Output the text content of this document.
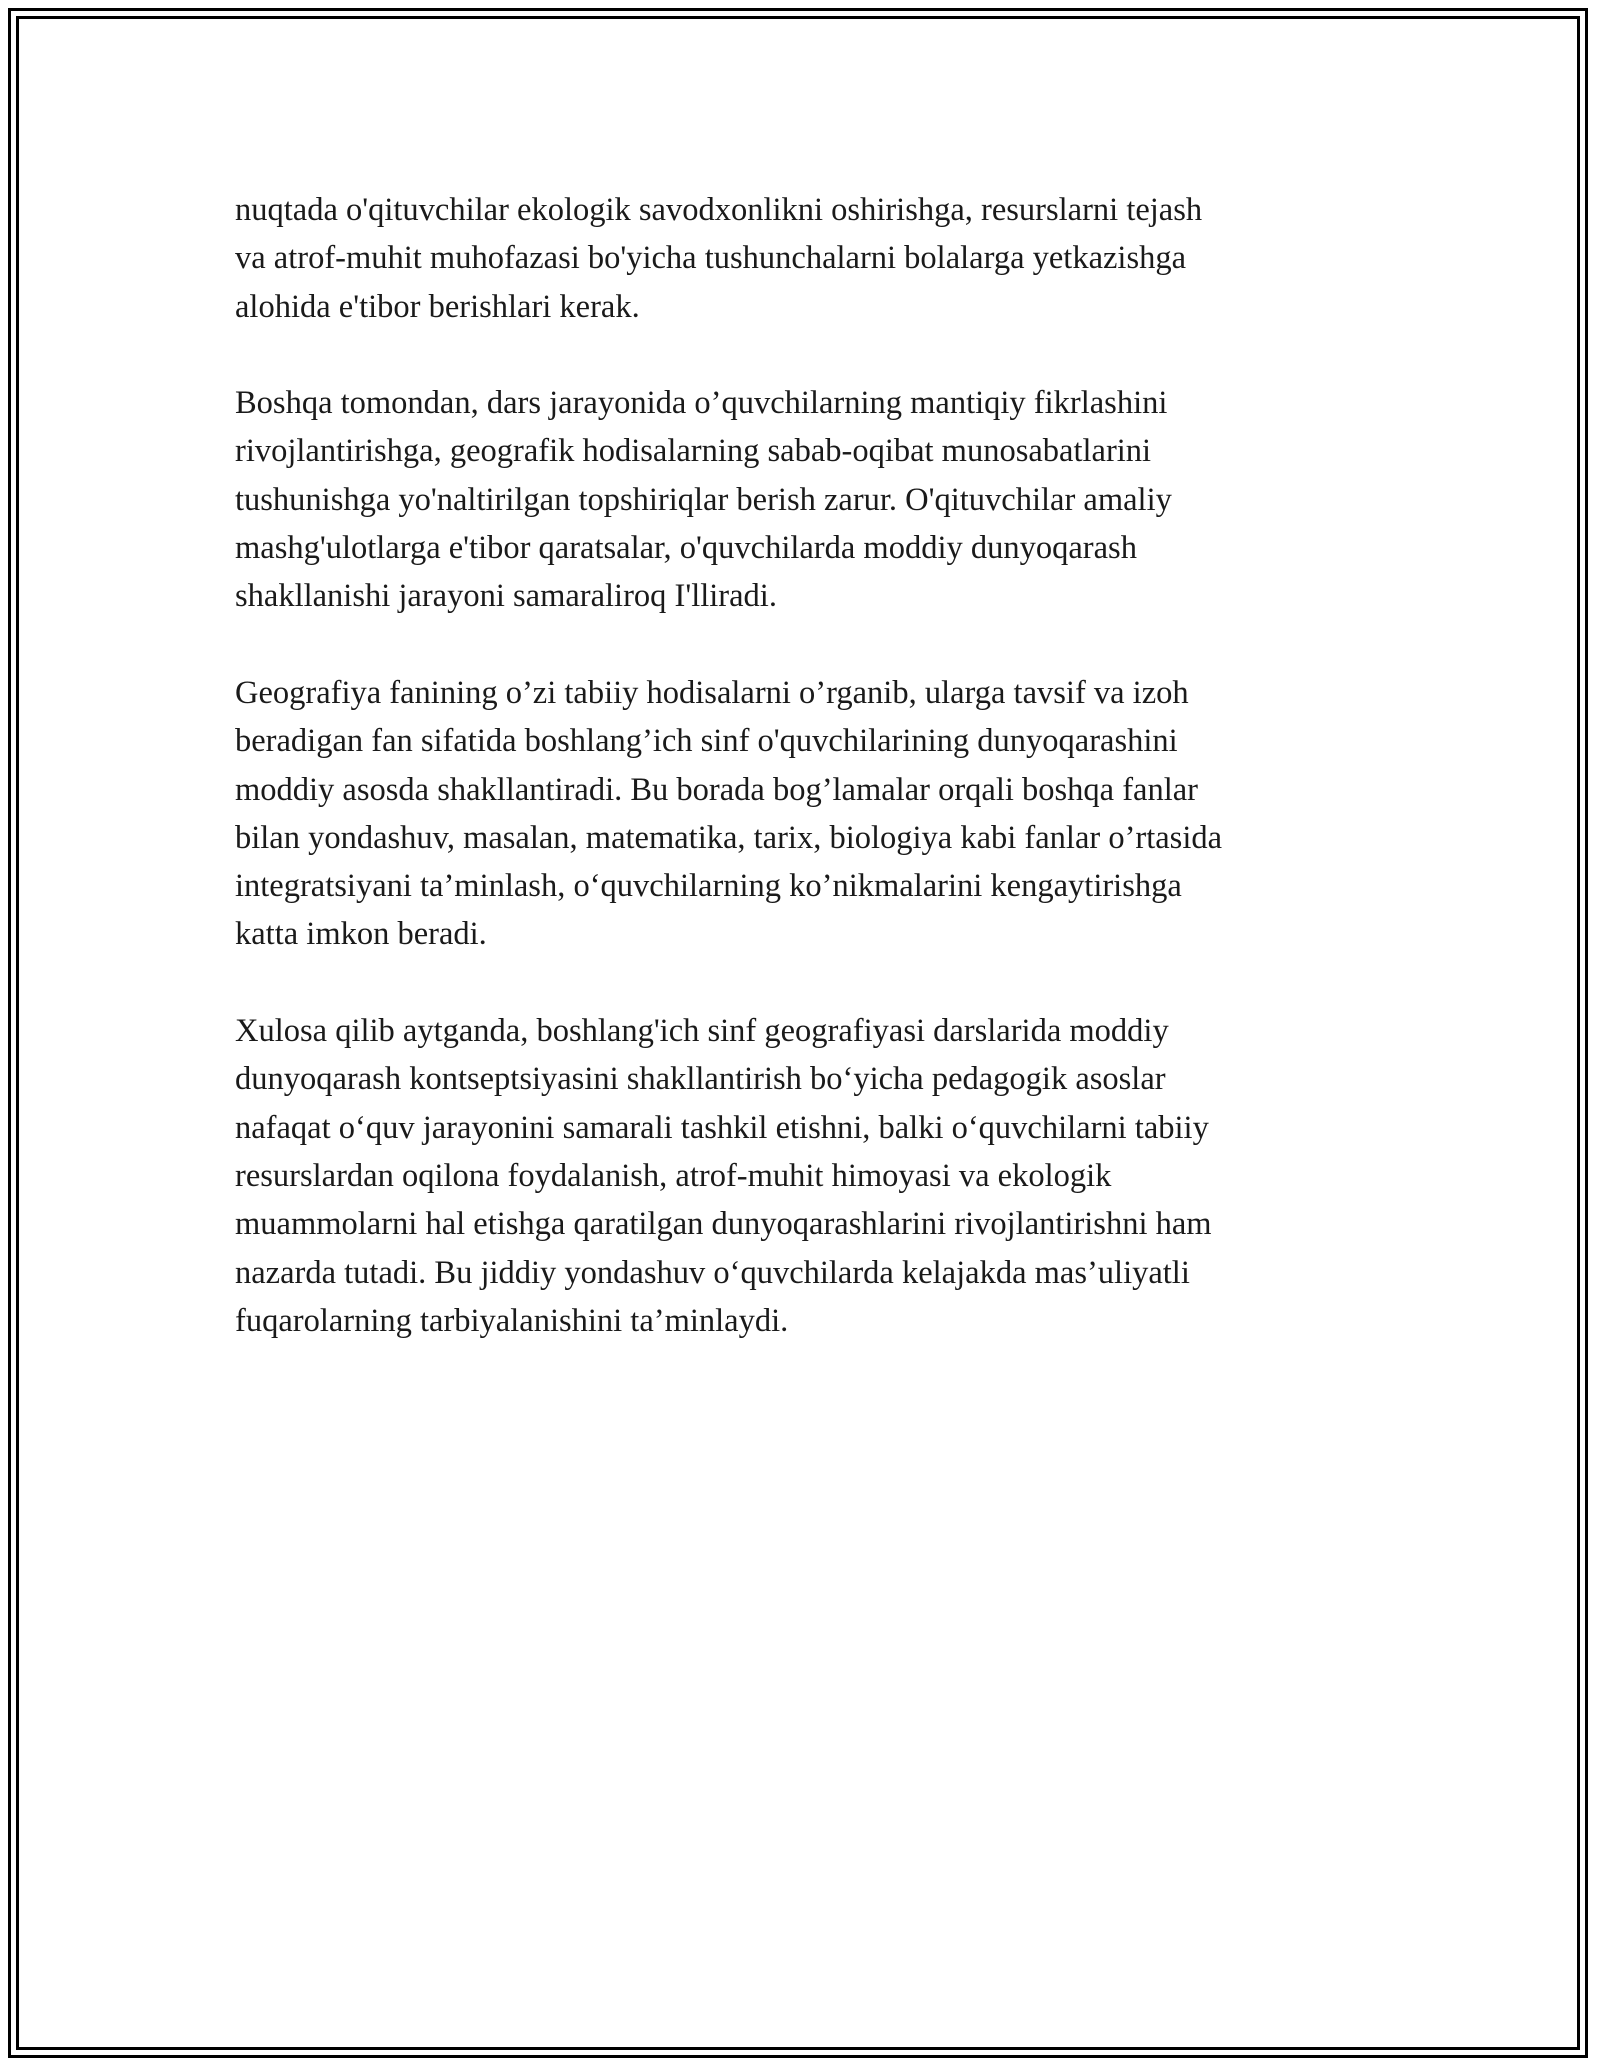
nuqtada o'qituvchilar ekologik savodxonlikni oshirishga, resurslarni tejash
va atrof-muhit muhofazasi bo'yicha tushunchalarni bolalarga yetkazishga
alohida e'tibor berishlari kerak.

Boshqa tomondan, dars jarayonida o’quvchilarning mantiqiy fikrlashini
rivojlantirishga, geografik hodisalarning sabab-oqibat munosabatlarini
tushunishga yo'naltirilgan topshiriqlar berish zarur. O'qituvchilar amaliy
mashg'ulotlarga e'tibor qaratsalar, o'quvchilarda moddiy dunyoqarash
shakllanishi jarayoni samaraliroq I'lliradi.

Geografiya fanining o’zi tabiiy hodisalarni o’rganib, ularga tavsif va izoh
beradigan fan sifatida boshlang’ich sinf o'quvchilarining dunyoqarashini
moddiy asosda shakllantiradi. Bu borada bog’lamalar orqali boshqa fanlar
bilan yondashuv, masalan, matematika, tarix, biologiya kabi fanlar o’rtasida
integratsiyani ta’minlash, o‘quvchilarning ko’nikmalarini kengaytirishga
katta imkon beradi.

Xulosa qilib aytganda, boshlang'ich sinf geografiyasi darslarida moddiy
dunyoqarash kontseptsiyasini shakllantirish bo‘yicha pedagogik asoslar
nafaqat o‘quv jarayonini samarali tashkil etishni, balki o‘quvchilarni tabiiy
resurslardan oqilona foydalanish, atrof-muhit himoyasi va ekologik
muammolarni hal etishga qaratilgan dunyoqarashlarini rivojlantirishni ham
nazarda tutadi. Bu jiddiy yondashuv o‘quvchilarda kelajakda mas’uliyatli
fuqarolarning tarbiyalanishini ta’minlaydi.
